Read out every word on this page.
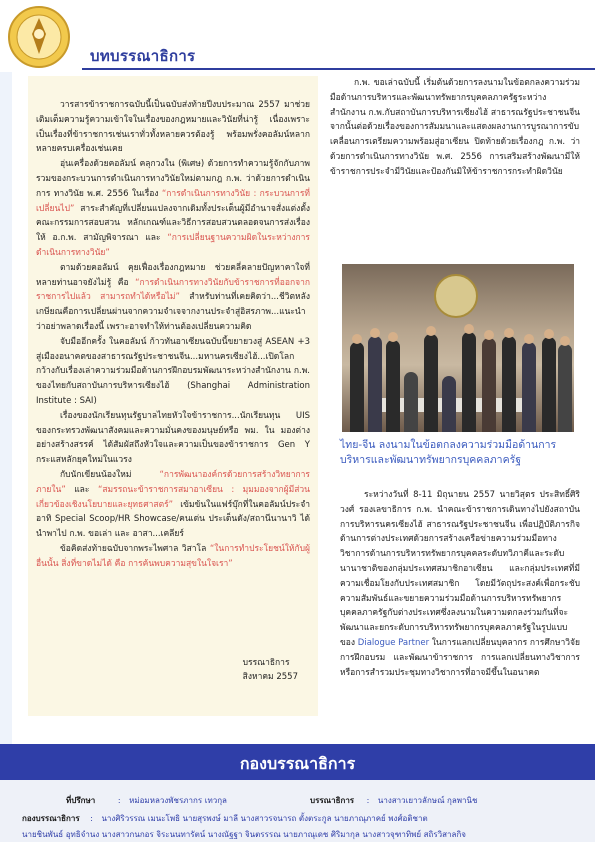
บทบรรณาธิการ

วารสารข้าราชการฉบับนี้เป็นฉบับส่งท้ายปีงบประมาณ 2557 มาช่วยเติมเต็มความรู้ความเข้าใจในเรื่องของกฎหมายและวินัยที่น่ารู้ เนื่องเพราะเป็นเรื่องที่ข้าราชการเช่นเราทั่วทั้งหลายควรต้องรู้ พร้อมพรั่งคอลัมน์หลากหลายครบเครื่องเช่นเคย

อุ่นเครื่องด้วยคอลัมน์ คลุกวงใน (พิเศษ) ด้วยการทำความรู้จักกับภาพรวมของกระบวนการดำเนินการทางวินัยใหม่ตามกฎ ก.พ. ว่าด้วยการดำเนินการ ทางวินัย พ.ศ. 2556 ในเรื่อง “การดำเนินการทางวินัย : กระบวนการที่เปลี่ยนไป” สาระสำคัญที่เปลี่ยนแปลงจากเดิมทั้งประเด็นผู้มีอำนาจสั่งแต่งตั้งคณะกรรมการสอบสวน หลักเกณฑ์และวิธีการสอบสวนตลอดจนการส่งเรื่องให้ อ.ก.พ. สามัญพิจารณา และ “การเปลี่ยนฐานความผิดในระหว่างการดำเนินการทางวินัย”

ตามด้วยคอลัมน์ คุยเฟื่องเรื่องกฎหมาย ช่วยคลี่คลายปัญหาคาใจที่หลายท่านอาจยังไม่รู้ คือ “การดำเนินการทางวินัยกับข้าราชการที่ออกจากราชการไปแล้ว สามารถทำได้หรือไม่” สำหรับท่านที่เคยคิดว่า...ชีวิตหลังเกษียณคือการเปลี่ยนผ่านจากความจำเจจากงานประจำสู่อิสรภาพ...แนะนำว่าอย่าพลาดเรื่องนี้ เพราะอาจทำให้ท่านต้องเปลี่ยนความคิด

จับมืออีกครั้ง ในคอลัมน์ ก้าวทันอาเซียนฉบับนี้ขยายวงสู่ ASEAN +3 สู่เมืองอนาคตของสาธารณรัฐประชาชนจีน...มหานครเซียงไฮ้...เปิดโลกกว้างกับเรื่องเล่าความร่วมมือด้านการฝึกอบรมพัฒนาระหว่างสำนักงาน ก.พ. ของไทยกับสถาบันการบริหารเซียงไฮ้ (Shanghai Administration Institute : SAI)

เรื่องของนักเรียนทุนรัฐบาลไทยหัวใจข้าราชการ...นักเรียนทุน UIS ของกระทรวงพัฒนาสังคมและความมั่นคงของมนุษย์หรือ พม. ใน มองต่างอย่างสร้างสรรค์ ได้สัมผัสถึงหัวใจและความเป็นของข้าราชการ Gen Y กระแสหลักยุคใหม่ในแวรง

กับนักเขียนน้องใหม่ “การพัฒนาองค์กรด้วยการสร้างวิทยาการภายใน” และ “สมรรถนะข้าราชการสมาอาเซียน : มุมมองจากผู้มีส่วนเกี่ยวข้องเชิงนโยบายและยุทธศาสตร์” เข้มข้นในแฟร์บุ๊กที่ในคอลัมน์ประจำ อาทิ Special Scoop/HR Showcase/คนเด่น ประเด็นดัง/สถานีนานาวิ ได้นำพาไป ก.พ. ขอเล่า และ อาสา...เคลียร์

ข้อคิดส่งท้ายฉบับจากพระไพศาล วิสาโล “ในการทำประโยชน์ให้กับผู้อื่นนั้น สิ่งที่ขาดไม่ได้ คือ การค้นพบความสุขในใจเรา”

บรรณาธิการ
สิงหาคม 2557

ก.พ. ขอเล่าฉบับนี้ เริ่มต้นด้วยการลงนามในข้อตกลงความร่วมมือด้านการบริหารและพัฒนาทรัพยากรบุคคลภาครัฐระหว่างสำนักงาน ก.พ.กับสถาบันการบริหารเซียงไฮ้ สาธารณรัฐประชาชนจีน จากนั้นต่อด้วยเรื่องของการสัมมนาและแสดงผลงานการบูรณาการขับเคลื่อนการเตรียมความพร้อมสู่อาเซียน ปิดท้ายด้วยเรื่องกฎ ก.พ. ว่าด้วยการดำเนินการทางวินัย พ.ศ. 2556 การเสริมสร้างพัฒนามีให้ข้าราชการประจำมีวินัยและป้องกันมิให้ข้าราชการกระทำผิดวินัย

ไทย-จีน ลงนามในข้อตกลงความร่วมมือด้านการบริหารและพัฒนาทรัพยากรบุคคลภาครัฐ

ระหว่างวันที่ 8-11 มิถุนายน 2557 นายวิสุตร ประสิทธิ์ศิริวงศ์ รองเลขาธิการ ก.พ. นำคณะข้าราชการเดินทางไปยังสถาบันการบริหารนครเซียงไฮ้ สาธารณรัฐประชาชนจีน เพื่อปฏิบัติภารกิจด้านการต่างประเทศด้วยการสร้างเครือข่ายความร่วมมือทางวิชาการด้านการบริหารทรัพยากรบุคคลระดับทวิภาคีและระดับนานาชาติของกลุ่มประเทศสมาชิกอาเซียน และกลุ่มประเทศที่มีความเชื่อมโยงกับประเทศสมาชิก โดยมีวัตถุประสงค์เพื่อกระชับความสัมพันธ์และขยายความร่วมมือด้านการบริหารทรัพยากรบุคคลภาครัฐกับต่างประเทศซึ่งลงนามในความตกลงร่วมกันที่จะพัฒนาและยกระดับการบริหารทรัพยากรบุคคลภาครัฐในรูปแบบของ Dialogue Partner ในการแลกเปลี่ยนบุคลากร การศึกษาวิจัย การฝึกอบรม และพัฒนาข้าราชการ การแลกเปลี่ยนทางวิชาการหรือการสำรวมประชุมทางวิชาการที่อาจมีขึ้นในอนาคต

กองบรรณาธิการ
ที่ปรึกษา	: หม่อมหลวงพัชรภากร เทวกุล	บรรณาธิการ : นางสาวเยาวลักษณ์ กุลพานิช
กองบรรณาธิการ : นางศิริวรรณ เมนะโพธิ นายสุรพงษ์ มาลี นางสาวรจนารถ ตั้งตระกูล นายภาณุภาคย์ พงศ์อติชาต
นายชินพันธ์ อุทธิจำนง นางสาวกนกอร จิระนนทารัตน์ นางณัฐฐา จินตรรรณ นายภาณุเดช ศิริมากุล นางสาวจุฑาทิพย์ สถิรวิสาลกิจ
